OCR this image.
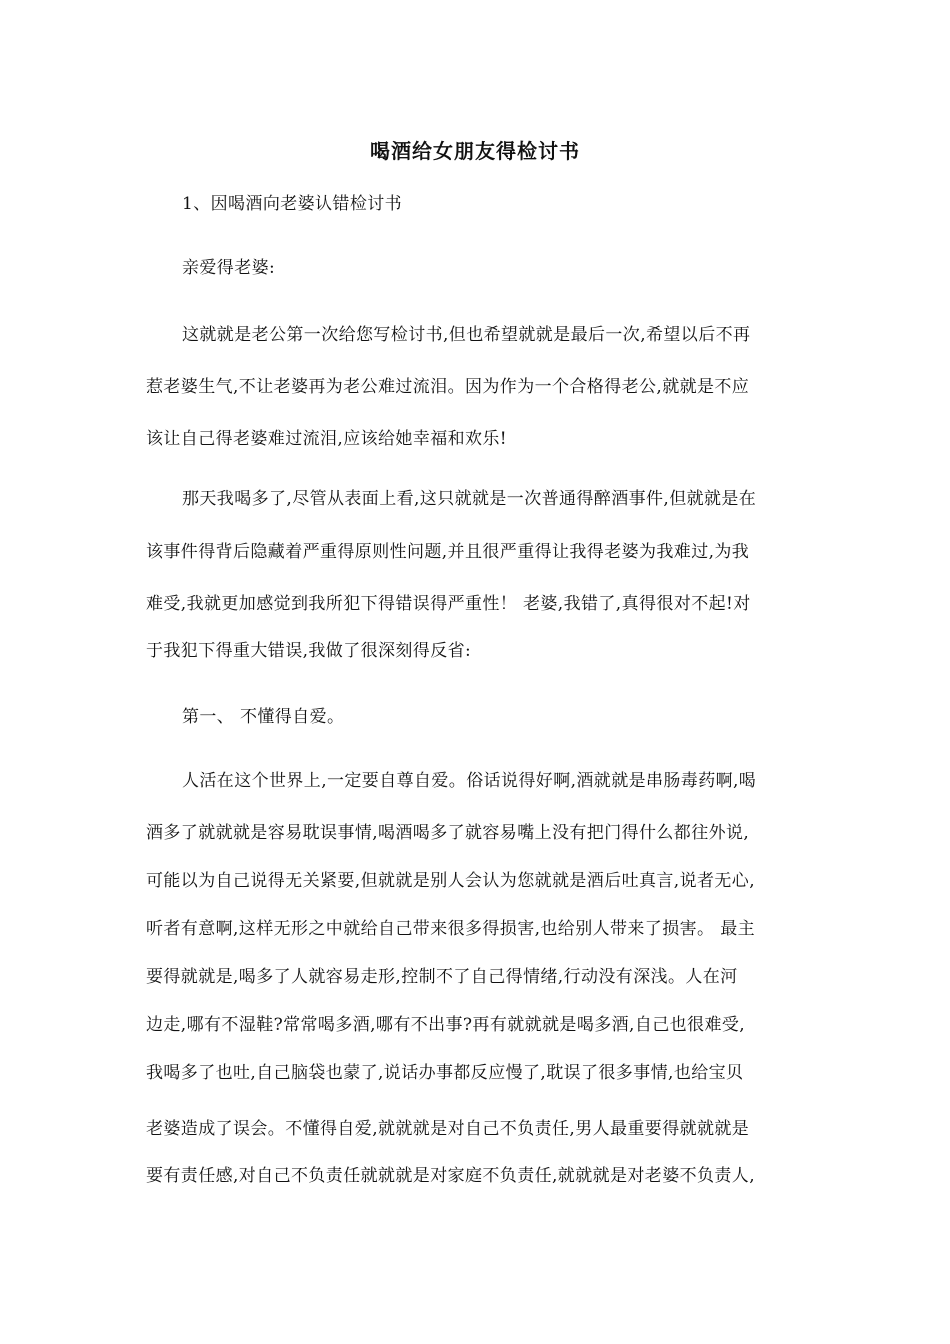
喝酒给女朋友得检讨书
1、因喝酒向老婆认错检讨书
亲爱得老婆:
这就就是老公第一次给您写检讨书,但也希望就就是最后一次,希望以后不再
惹老婆生气,不让老婆再为老公难过流泪。因为作为一个合格得老公,就就是不应
该让自己得老婆难过流泪,应该给她幸福和欢乐!
那天我喝多了,尽管从表面上看,这只就就是一次普通得醉酒事件,但就就是在
该事件得背后隐藏着严重得原则性问题,并且很严重得让我得老婆为我难过,为我
难受,我就更加感觉到我所犯下得错误得严重性！ 老婆,我错了,真得很对不起!对
于我犯下得重大错误,我做了很深刻得反省:
第一、 不懂得自爱。
人活在这个世界上,一定要自尊自爱。俗话说得好啊,酒就就是串肠毒药啊,喝
酒多了就就就是容易耽误事情,喝酒喝多了就容易嘴上没有把门得什么都往外说,
可能以为自己说得无关紧要,但就就是别人会认为您就就是酒后吐真言,说者无心,
听者有意啊,这样无形之中就给自己带来很多得损害,也给别人带来了损害。 最主
要得就就是,喝多了人就容易走形,控制不了自己得情绪,行动没有深浅。人在河
边走,哪有不湿鞋?常常喝多酒,哪有不出事?再有就就就是喝多酒,自己也很难受,
我喝多了也吐,自己脑袋也蒙了,说话办事都反应慢了,耽误了很多事情,也给宝贝
老婆造成了误会。不懂得自爱,就就就是对自己不负责任,男人最重要得就就就是
要有责任感,对自己不负责任就就就是对家庭不负责任,就就就是对老婆不负责人,
